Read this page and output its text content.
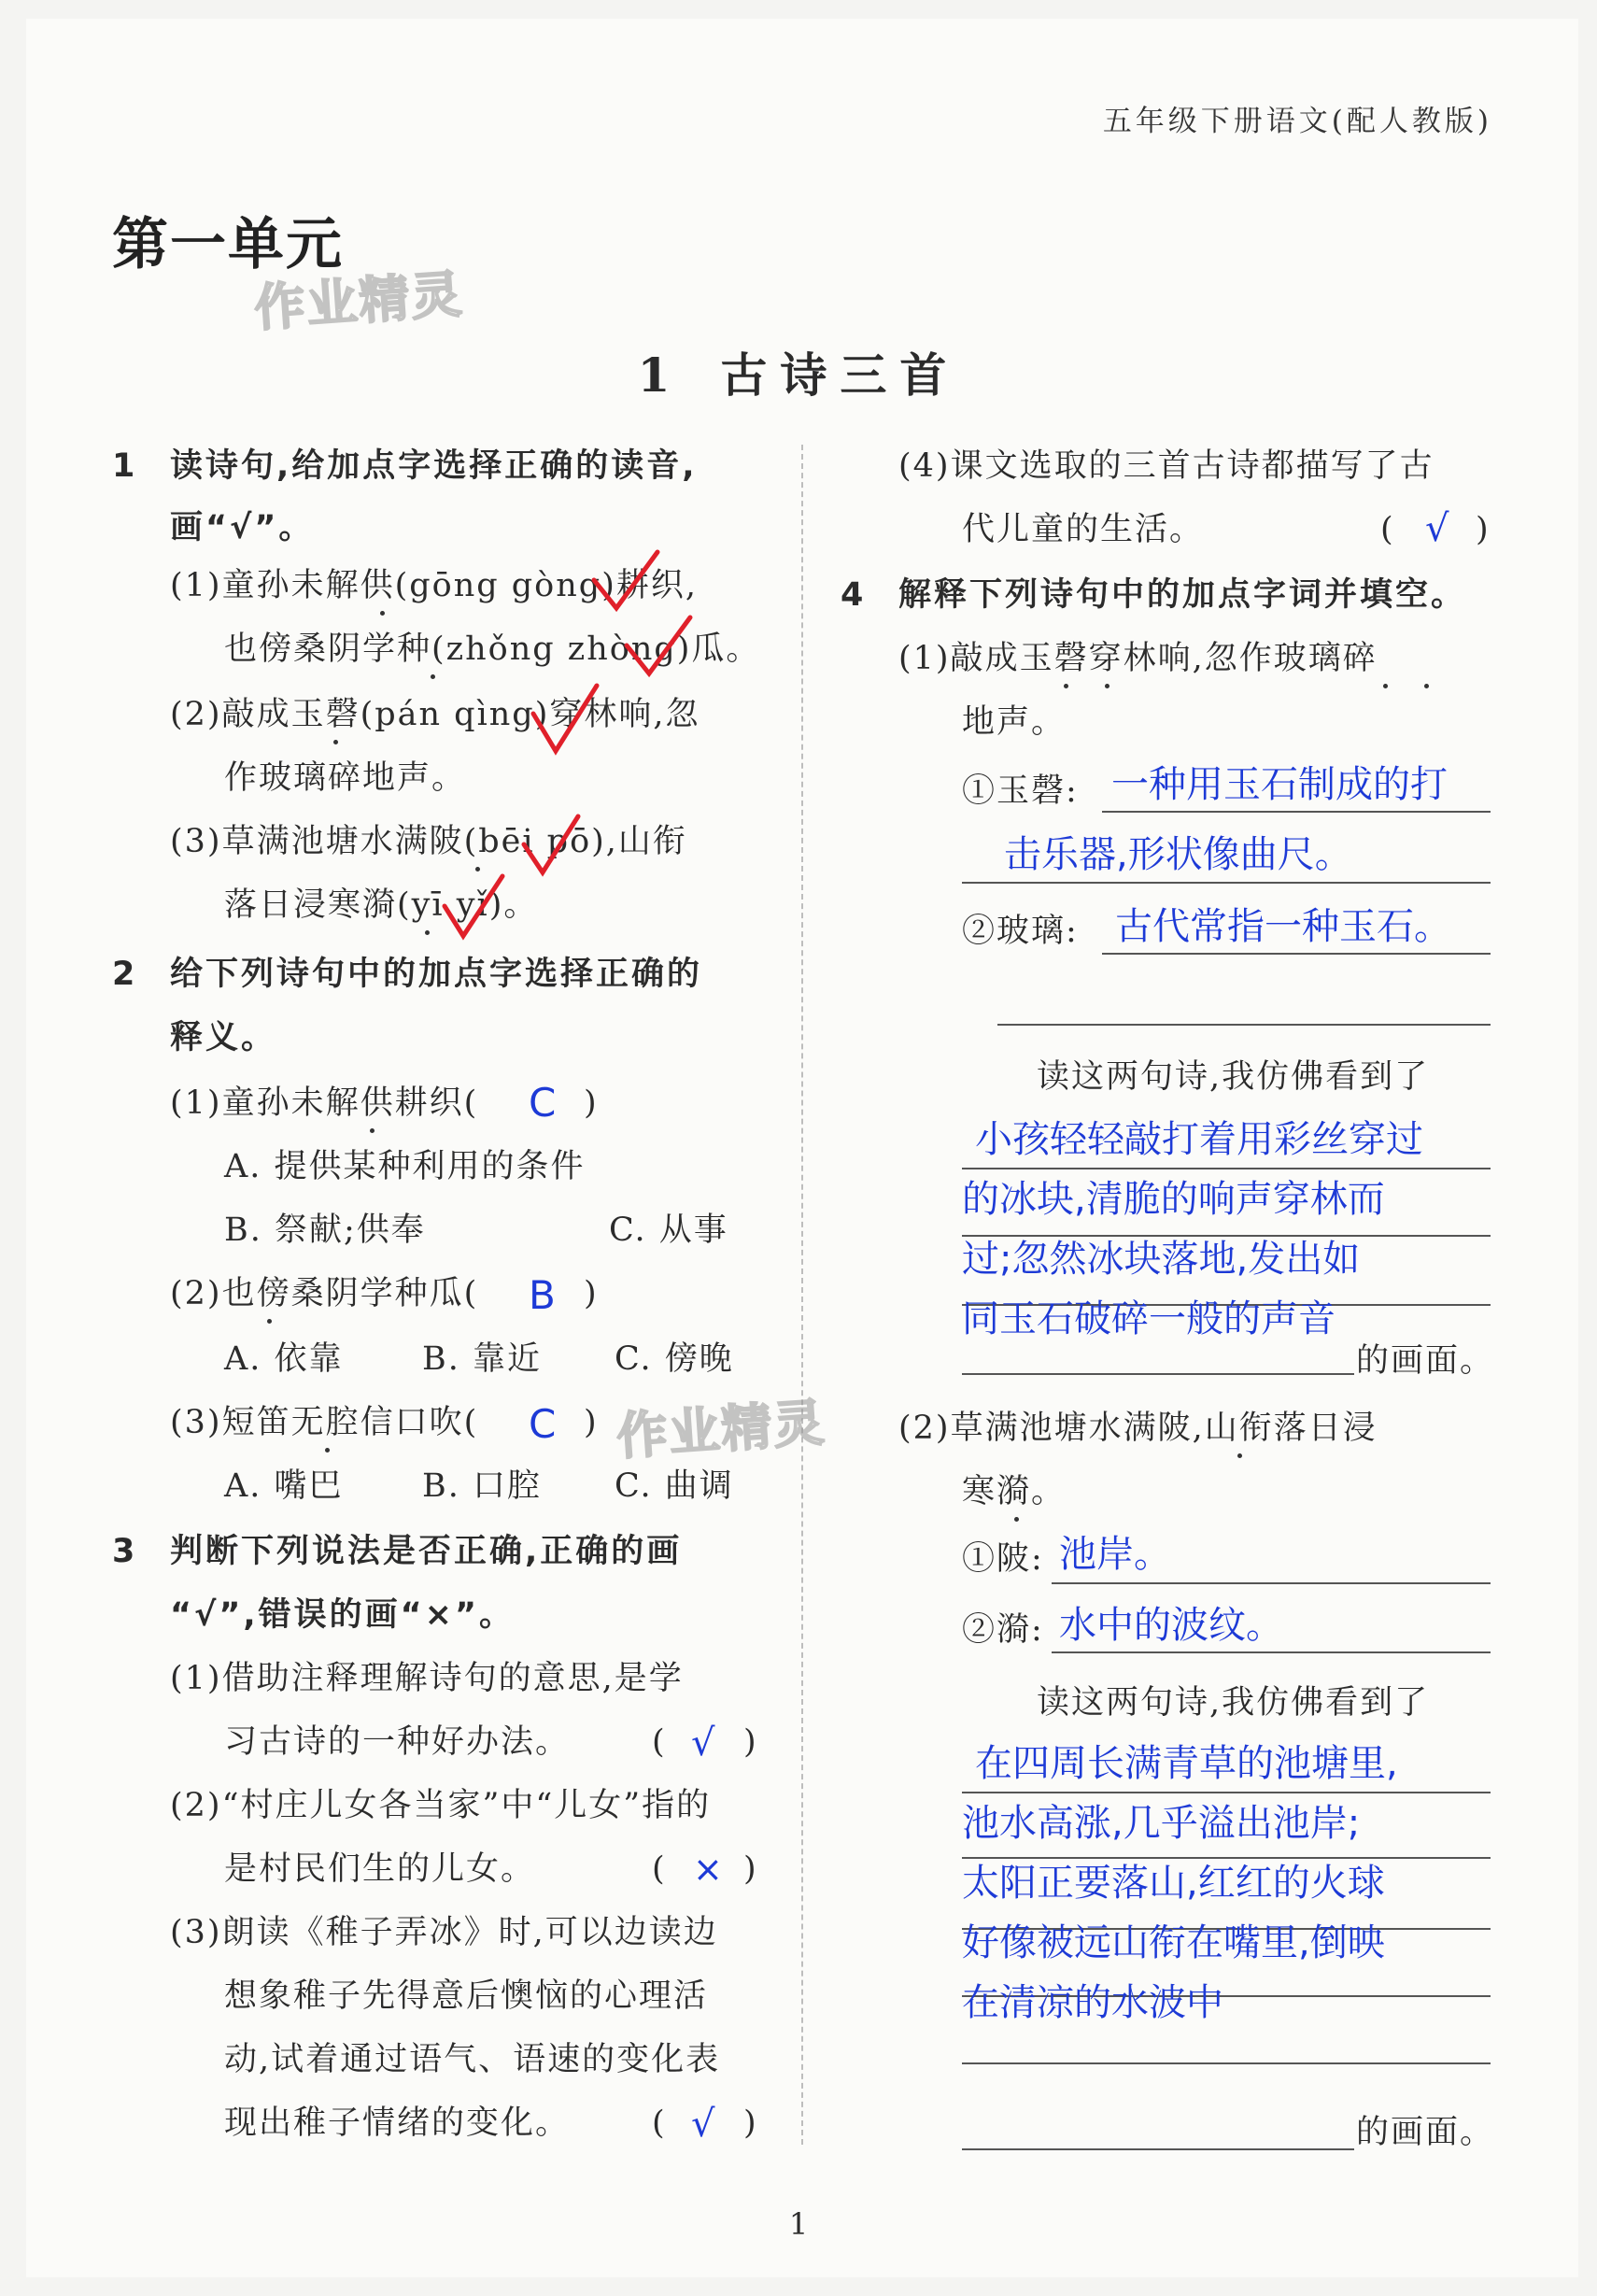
五年级下册语文(配人教版)
第一单元
作业精灵
1 古诗三首
1 读诗句,给加点字选择正确的读音,
画“√”。
(1)童孙未解供(gōng gòng)耕织,
也傍桑阴学种(zhǒng zhòng)瓜。
(2)敲成玉磬(pán qìng)穿林响,忽
作玻璃碎地声。
(3)草满池塘水满陂(bēi pō),山衔
落日浸寒漪(yī yǐ)。
2 给下列诗句中的加点字选择正确的
释义。
(1)童孙未解供耕织( C )
A. 提供某种利用的条件
B. 祭献;供奉	C. 从事
(2)也傍桑阴学种瓜( B )
A. 依靠 B. 靠近 C. 傍晚
(3)短笛无腔信口吹( C )
A. 嘴巴 B. 口腔 C. 曲调
作业精灵
3 判断下列说法是否正确,正确的画
“√”,错误的画“×”。
(1)借助注释理解诗句的意思,是学
习古诗的一种好办法。	( √ )
(2)“村庄儿女各当家”中“儿女”指的
是村民们生的儿女。	( × )
(3)朗读《稚子弄冰》时,可以边读边
想象稚子先得意后懊恼的心理活
动,试着通过语气、语速的变化表
现出稚子情绪的变化。	( √ )
(4)课文选取的三首古诗都描写了古
代儿童的生活。	( √ )
4 解释下列诗句中的加点字词并填空。
(1)敲成玉磬穿林响,忽作玻璃碎
地声。
①玉磬: 一种用玉石制成的打
击乐器,形状像曲尺。
②玻璃: 古代常指一种玉石。
读这两句诗,我仿佛看到了
小孩轻轻敲打着用彩丝穿过
的冰块,清脆的响声穿林而
过;忽然冰块落地,发出如
同玉石破碎一般的声音
的画面。
(2)草满池塘水满陂,山衔落日浸
寒漪。
①陂: 池岸。
②漪: 水中的波纹。
读这两句诗,我仿佛看到了
在四周长满青草的池塘里,
池水高涨,几乎溢出池岸;
太阳正要落山,红红的火球
好像被远山衔在嘴里,倒映
在清凉的水波中
的画面。
1
